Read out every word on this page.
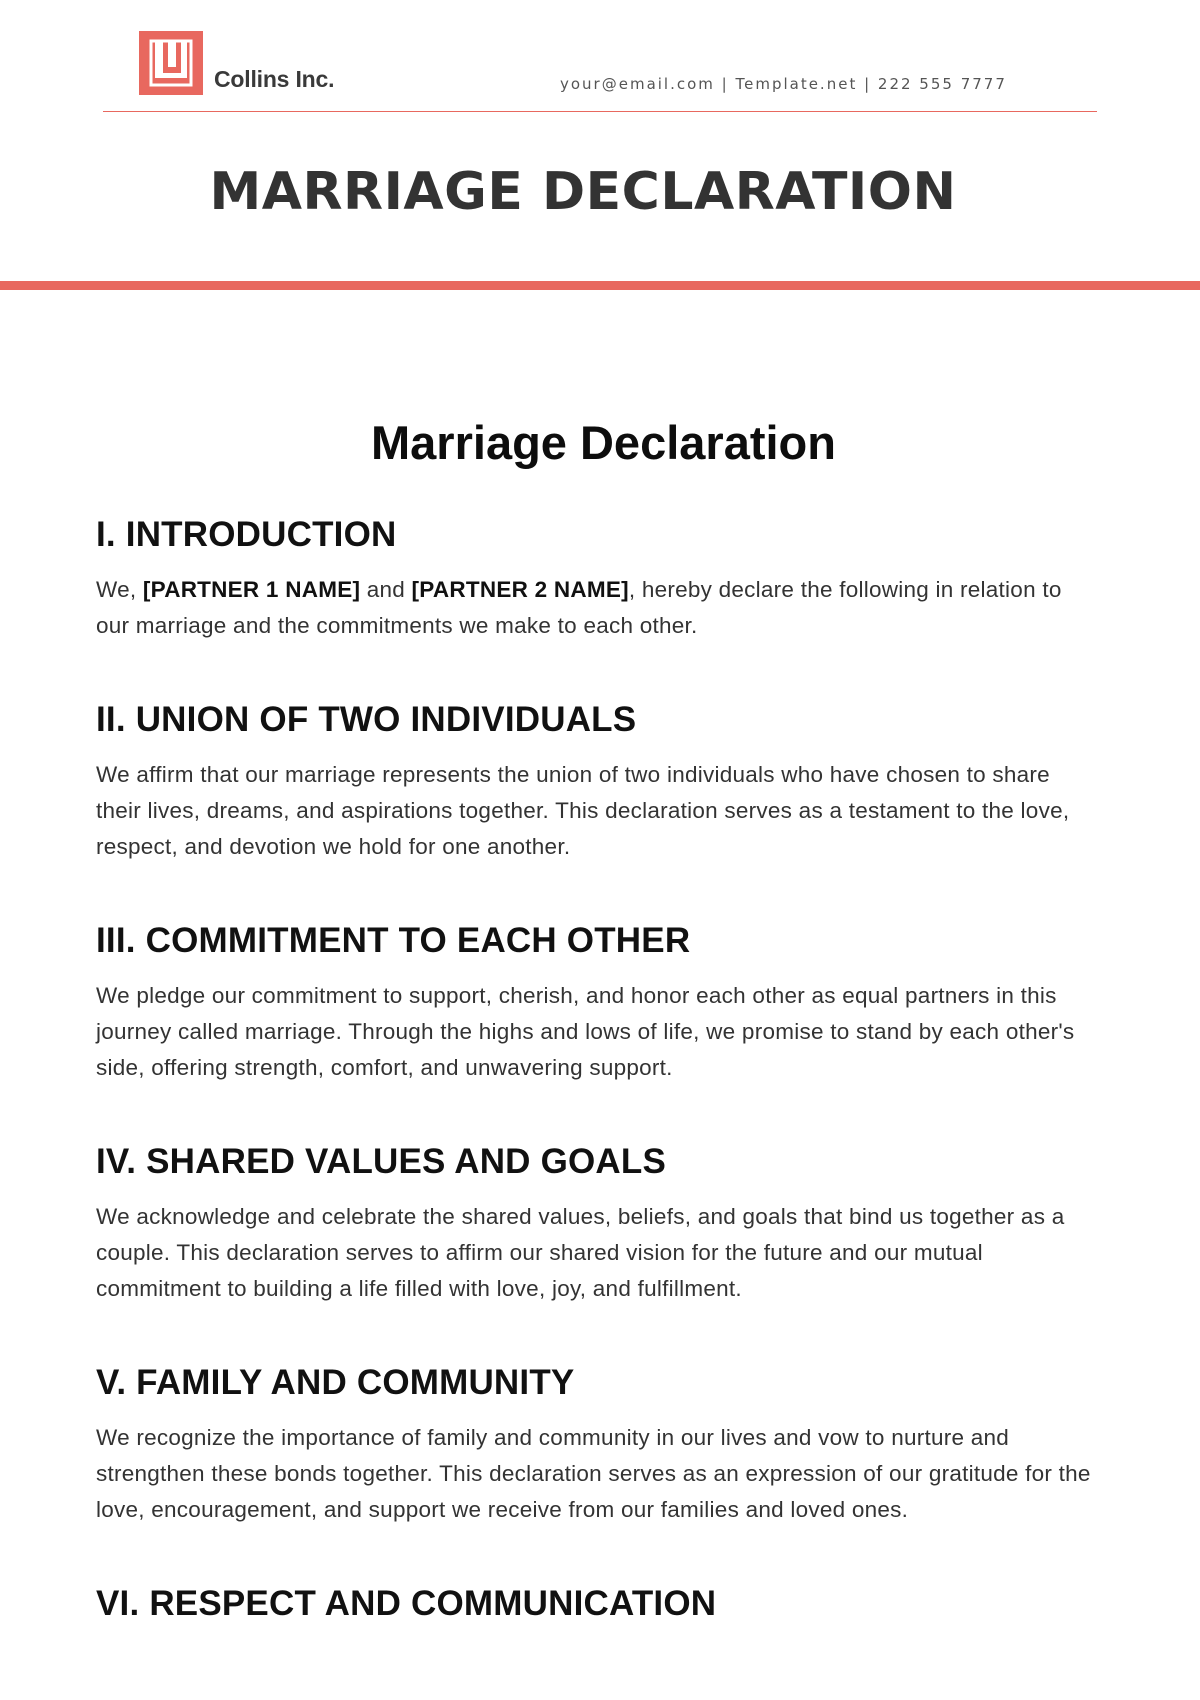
Collins Inc.	your@email.com | Template.net | 222 555 7777
MARRIAGE DECLARATION
Marriage Declaration
I. INTRODUCTION

We, [PARTNER 1 NAME] and [PARTNER 2 NAME], hereby declare the following in relation to our marriage and the commitments we make to each other.

II. UNION OF TWO INDIVIDUALS

We affirm that our marriage represents the union of two individuals who have chosen to share their lives, dreams, and aspirations together. This declaration serves as a testament to the love, respect, and devotion we hold for one another.

III. COMMITMENT TO EACH OTHER

We pledge our commitment to support, cherish, and honor each other as equal partners in this journey called marriage. Through the highs and lows of life, we promise to stand by each other's side, offering strength, comfort, and unwavering support.

IV. SHARED VALUES AND GOALS

We acknowledge and celebrate the shared values, beliefs, and goals that bind us together as a couple. This declaration serves to affirm our shared vision for the future and our mutual commitment to building a life filled with love, joy, and fulfillment.

V. FAMILY AND COMMUNITY

We recognize the importance of family and community in our lives and vow to nurture and strengthen these bonds together. This declaration serves as an expression of our gratitude for the love, encouragement, and support we receive from our families and loved ones.

VI. RESPECT AND COMMUNICATION
